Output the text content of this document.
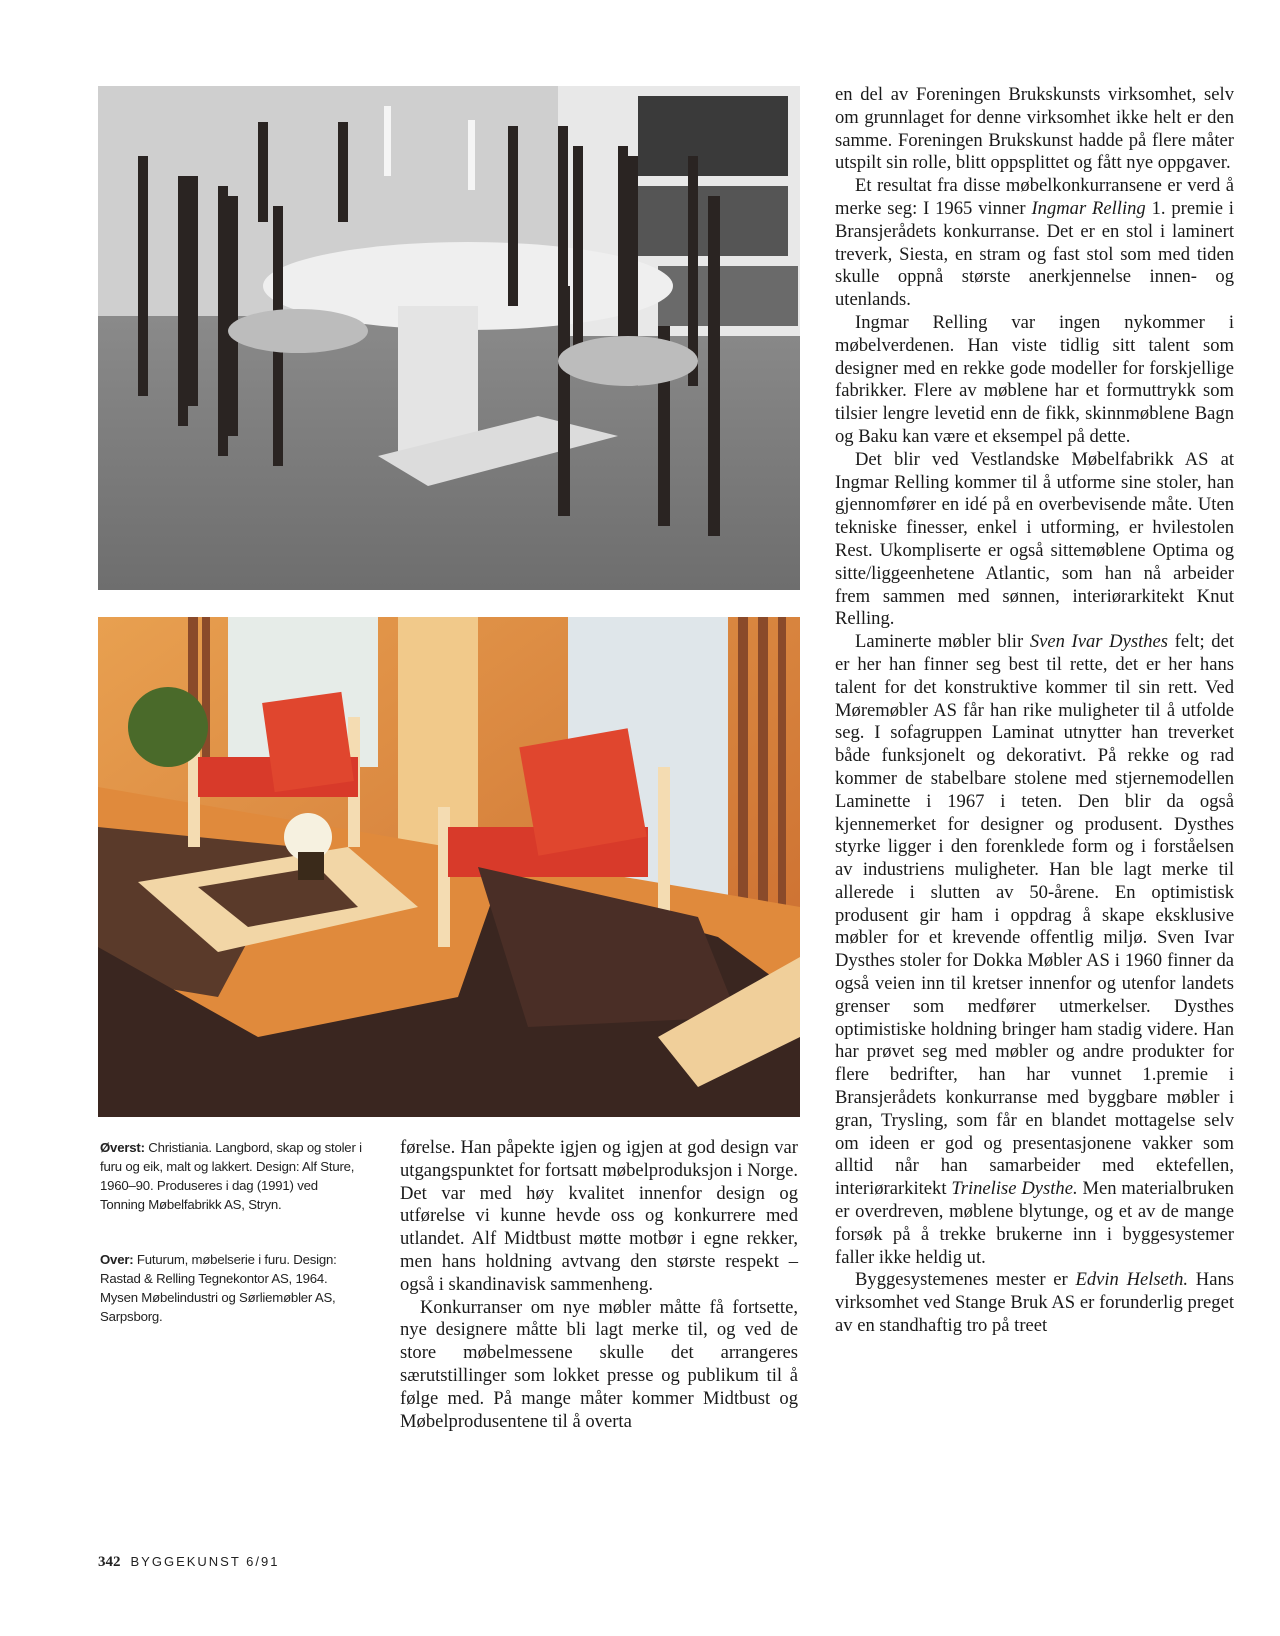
Øverst: Christiania. Langbord, skap og stoler i furu og eik, malt og lakkert. Design: Alf Sture, 1960–90. Produseres i dag (1991) ved Tonning Møbelfabrikk AS, Stryn.
Over: Futurum, møbelserie i furu. Design: Rastad & Relling Tegnekontor AS, 1964. Mysen Møbelindustri og Sørliemøbler AS, Sarpsborg.

førelse. Han påpekte igjen og igjen at god design var utgangspunktet for fortsatt møbelproduksjon i Norge. Det var med høy kvalitet innenfor design og utførelse vi kunne hevde oss og konkurrere med utlandet. Alf Midtbust møtte motbør i egne rekker, men hans holdning avtvang den største respekt – også i skandinavisk sammenheng.

Konkurranser om nye møbler måtte få fortsette, nye designere måtte bli lagt merke til, og ved de store møbelmessene skulle det arrangeres særutstillinger som lokket presse og publikum til å følge med. På mange måter kommer Midtbust og Møbelprodusentene til å overta

en del av Foreningen Brukskunsts virksomhet, selv om grunnlaget for denne virksomhet ikke helt er den samme. Foreningen Brukskunst hadde på flere måter utspilt sin rolle, blitt oppsplittet og fått nye oppgaver.

Et resultat fra disse møbelkonkurransene er verd å merke seg: I 1965 vinner Ingmar Relling 1. premie i Bransjerådets konkurranse. Det er en stol i laminert treverk, Siesta, en stram og fast stol som med tiden skulle oppnå største anerkjennelse innen- og utenlands.

Ingmar Relling var ingen nykommer i møbelverdenen. Han viste tidlig sitt talent som designer med en rekke gode modeller for forskjellige fabrikker. Flere av møblene har et formuttrykk som tilsier lengre levetid enn de fikk, skinnmøblene Bagn og Baku kan være et eksempel på dette.

Det blir ved Vestlandske Møbelfabrikk AS at Ingmar Relling kommer til å utforme sine stoler, han gjennomfører en idé på en overbevisende måte. Uten tekniske finesser, enkel i utforming, er hvilestolen Rest. Ukompliserte er også sittemøblene Optima og sitte/liggeenhetene Atlantic, som han nå arbeider frem sammen med sønnen, interiørarkitekt Knut Relling.

Laminerte møbler blir Sven Ivar Dysthes felt; det er her han finner seg best til rette, det er her hans talent for det konstruktive kommer til sin rett. Ved Møremøbler AS får han rike muligheter til å utfolde seg. I sofagruppen Laminat utnytter han treverket både funksjonelt og dekorativt. På rekke og rad kommer de stabelbare stolene med stjernemodellen Laminette i 1967 i teten. Den blir da også kjennemerket for designer og produsent. Dysthes styrke ligger i den forenklede form og i forståelsen av industriens muligheter. Han ble lagt merke til allerede i slutten av 50-årene. En optimistisk produsent gir ham i oppdrag å skape eksklusive møbler for et krevende offentlig miljø. Sven Ivar Dysthes stoler for Dokka Møbler AS i 1960 finner da også veien inn til kretser innenfor og utenfor landets grenser som medfører utmerkelser. Dysthes optimistiske holdning bringer ham stadig videre. Han har prøvet seg med møbler og andre produkter for flere bedrifter, han har vunnet 1.premie i Bransjerådets konkurranse med byggbare møbler i gran, Trysling, som får en blandet mottagelse selv om ideen er god og presentasjonene vakker som alltid når han samarbeider med ektefellen, interiørarkitekt Trinelise Dysthe. Men materialbruken er overdreven, møblene blytunge, og et av de mange forsøk på å trekke brukerne inn i byggesystemer faller ikke heldig ut.

Byggesystemenes mester er Edvin Helseth. Hans virksomhet ved Stange Bruk AS er forunderlig preget av en standhaftig tro på treet

342 BYGGEKUNST 6/91
